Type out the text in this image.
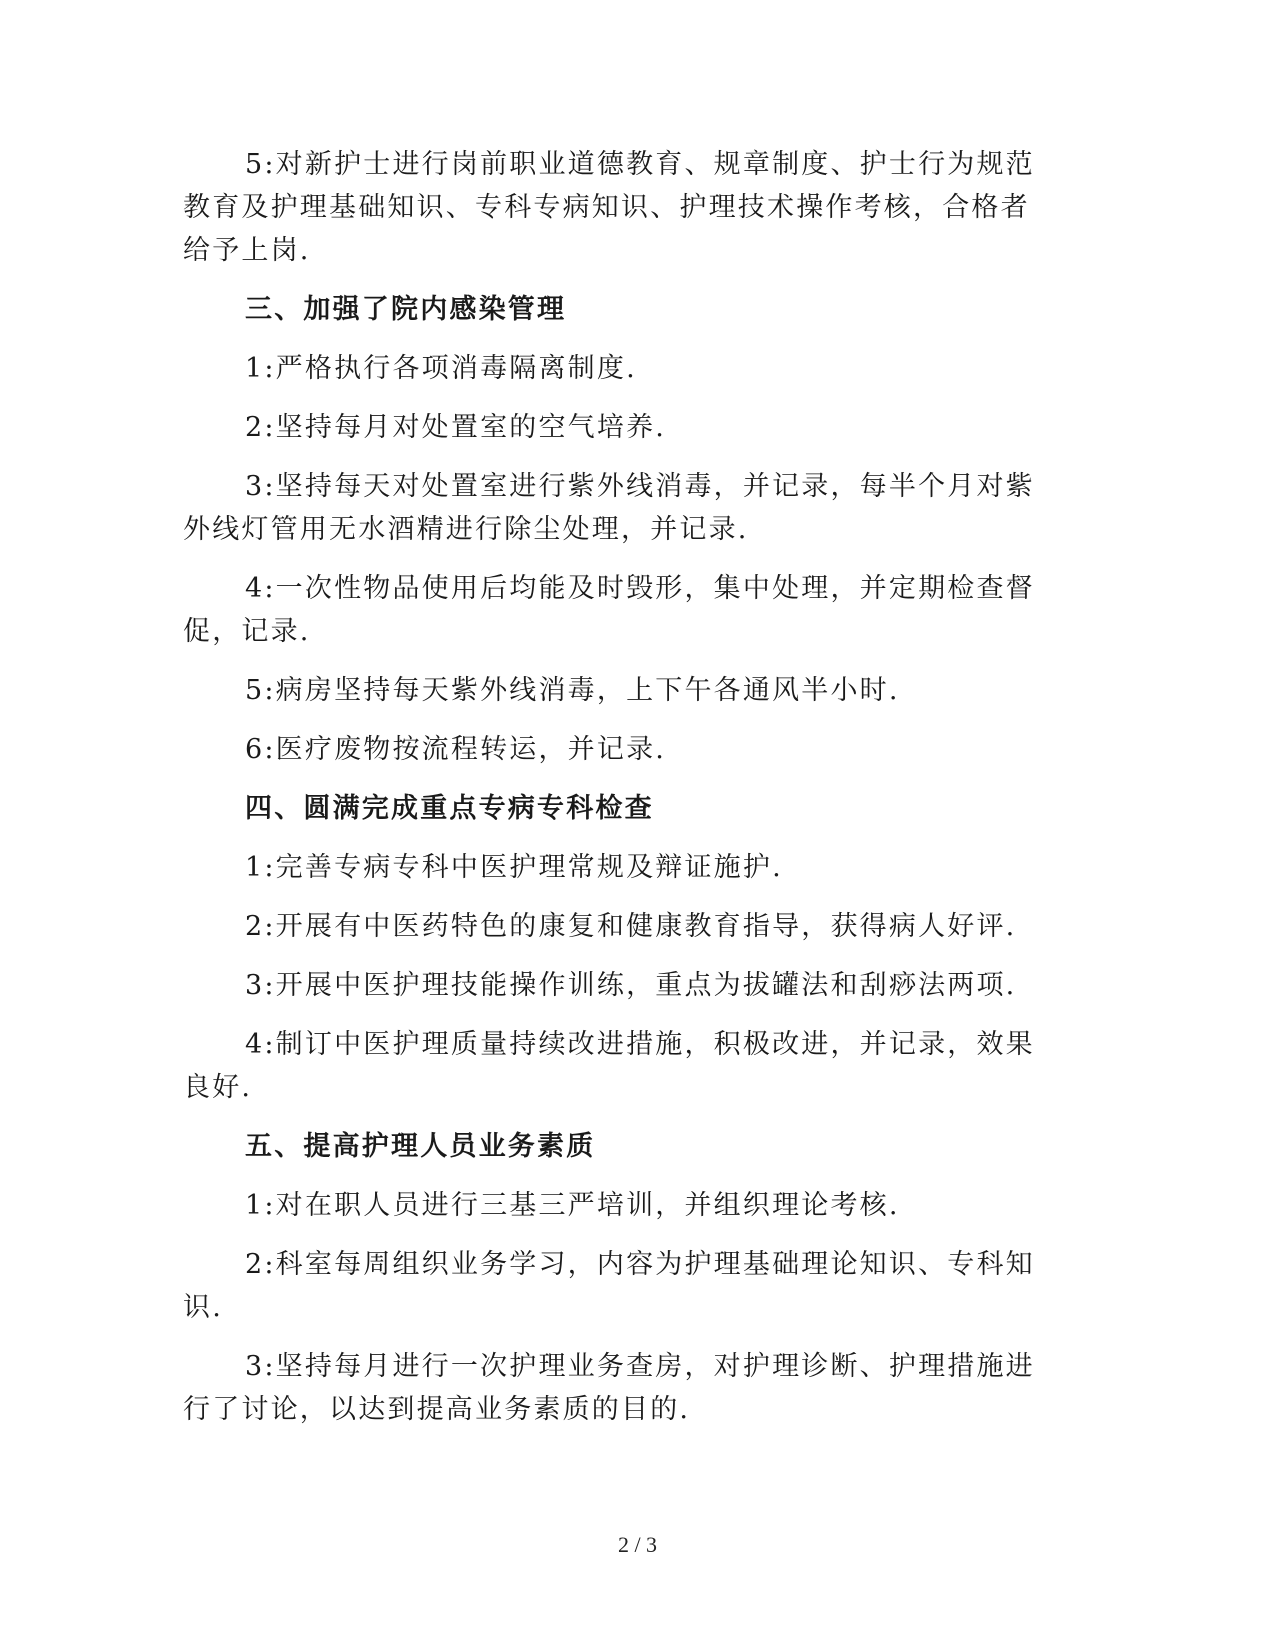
5:对新护士进行岗前职业道德教育、规章制度、护士行为规范教育及护理基础知识、专科专病知识、护理技术操作考核，合格者给予上岗.

三、加强了院内感染管理

1:严格执行各项消毒隔离制度.

2:坚持每月对处置室的空气培养.

3:坚持每天对处置室进行紫外线消毒，并记录，每半个月对紫外线灯管用无水酒精进行除尘处理，并记录.

4:一次性物品使用后均能及时毁形，集中处理，并定期检查督促，记录.

5:病房坚持每天紫外线消毒，上下午各通风半小时.

6:医疗废物按流程转运，并记录.

四、圆满完成重点专病专科检查

1:完善专病专科中医护理常规及辩证施护.

2:开展有中医药特色的康复和健康教育指导，获得病人好评.

3:开展中医护理技能操作训练，重点为拔罐法和刮痧法两项.

4:制订中医护理质量持续改进措施，积极改进，并记录，效果良好.

五、提高护理人员业务素质

1:对在职人员进行三基三严培训，并组织理论考核.

2:科室每周组织业务学习，内容为护理基础理论知识、专科知识.

3:坚持每月进行一次护理业务查房，对护理诊断、护理措施进行了讨论，以达到提高业务素质的目的.

2 / 3
